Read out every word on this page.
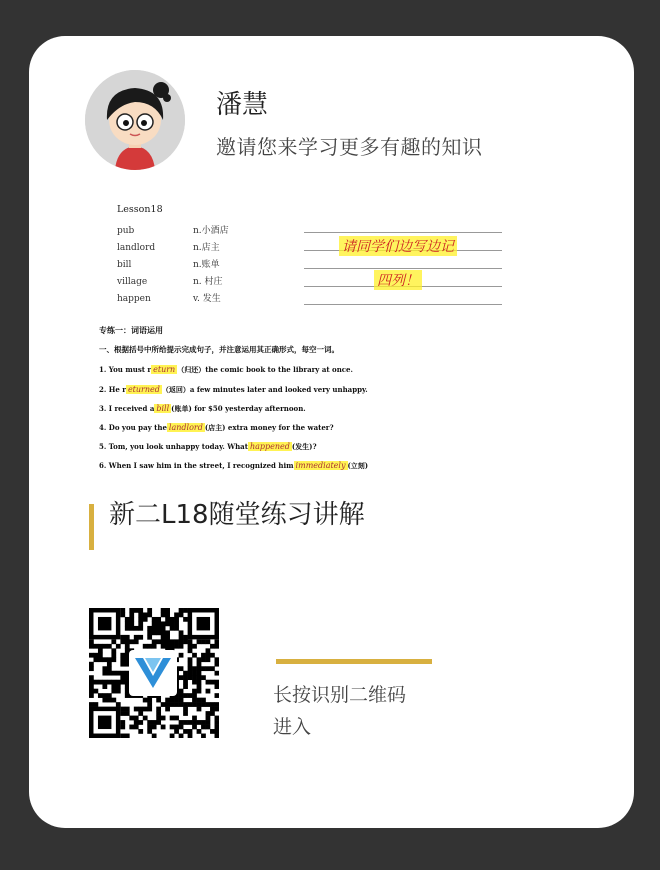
潘慧
邀请您来学习更多有趣的知识
Lesson18
pub	n.小酒店
landlord	n.店主
bill	n.账单
village	n. 村庄
happen	v. 发生
请同学们边写边记
四列！
专练一：词语运用
一、根据括号中所给提示完成句子，并注意运用其正确形式，每空一词。
1. You must r eturn （归还）the comic book to the library at once.
2. He r eturned （返回）a few minutes later and looked very unhappy.
3. I received a bill (账单) for $50 yesterday afternoon.
4. Do you pay the landlord (店主) extra money for the water?
5. Tom, you look unhappy today. What happened (发生)?
6. When I saw him in the street, I recognized him immediately (立刻)
新二L18随堂练习讲解
长按识别二维码
进入
